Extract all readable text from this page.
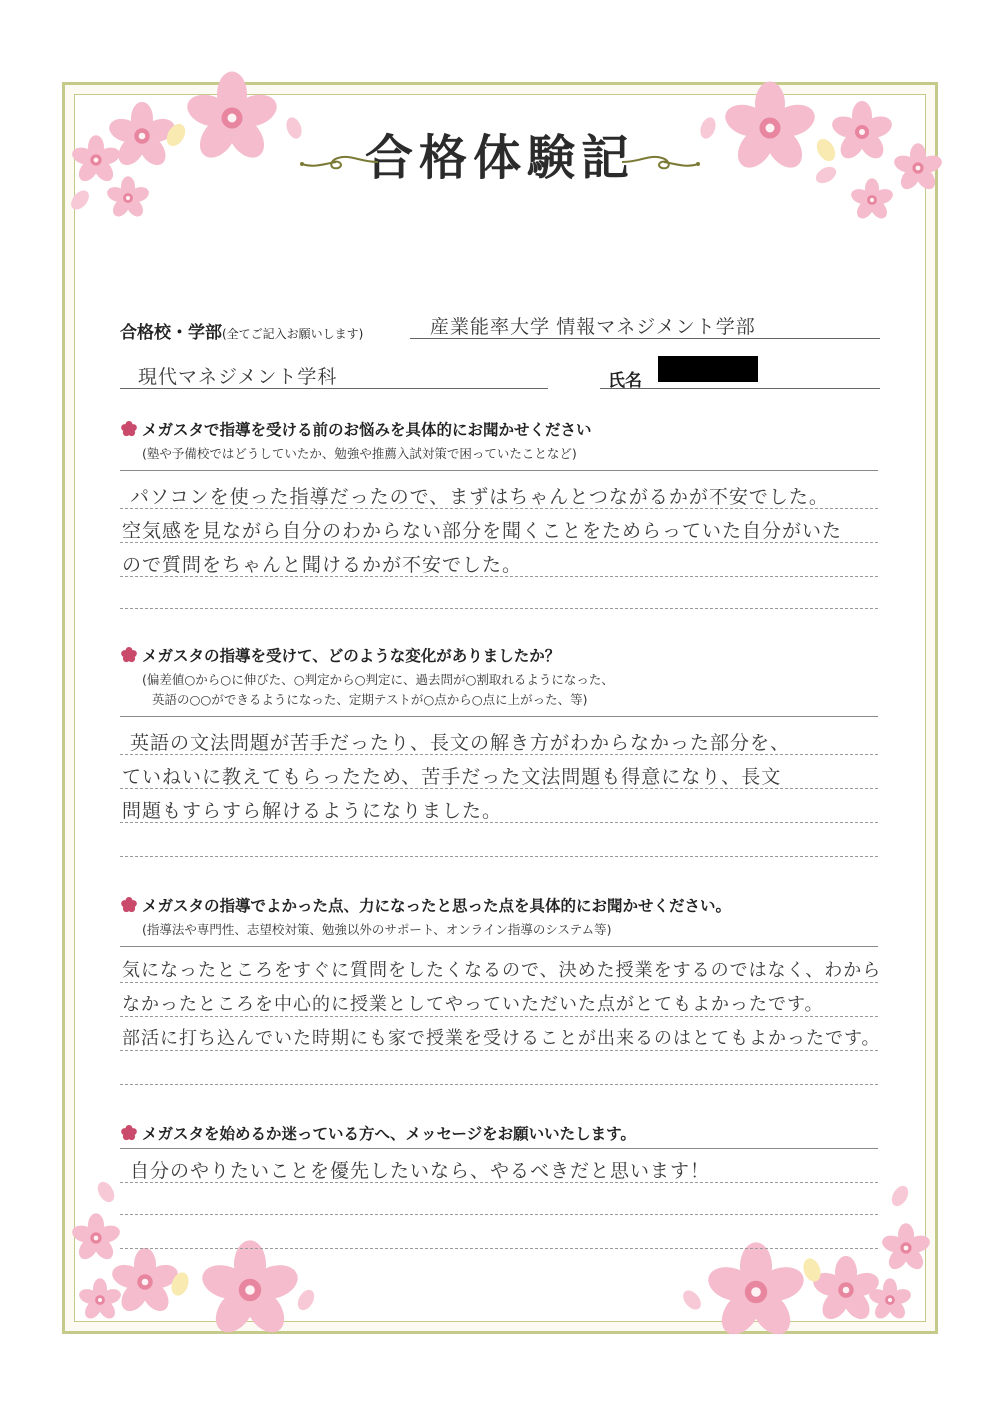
合格体験記
合格校・学部(全てご記入お願いします)	産業能率大学 情報マネジメント学部
現代マネジメント学科	氏名
メガスタで指導を受ける前のお悩みを具体的にお聞かせください
(塾や予備校ではどうしていたか、勉強や推薦入試対策で困っていたことなど)
パソコンを使った指導だったので、まずはちゃんとつながるかが不安でした。
空気感を見ながら自分のわからない部分を聞くことをためらっていた自分がいた
ので質問をちゃんと聞けるかが不安でした。
メガスタの指導を受けて、どのような変化がありましたか？
(偏差値○から○に伸びた、○判定から○判定に、過去問が○割取れるようになった、
英語の○○ができるようになった、定期テストが○点から○点に上がった、等)
英語の文法問題が苦手だったり、長文の解き方がわからなかった部分を、
ていねいに教えてもらったため、苦手だった文法問題も得意になり、長文
問題もすらすら解けるようになりました。
メガスタの指導でよかった点、力になったと思った点を具体的にお聞かせください。
(指導法や専門性、志望校対策、勉強以外のサポート、オンライン指導のシステム等)
気になったところをすぐに質問をしたくなるので、決めた授業をするのではなく、わから
なかったところを中心的に授業としてやっていただいた点がとてもよかったです。
部活に打ち込んでいた時期にも家で授業を受けることが出来るのはとてもよかったです。
メガスタを始めるか迷っている方へ、メッセージをお願いいたします。
自分のやりたいことを優先したいなら、やるべきだと思います！
